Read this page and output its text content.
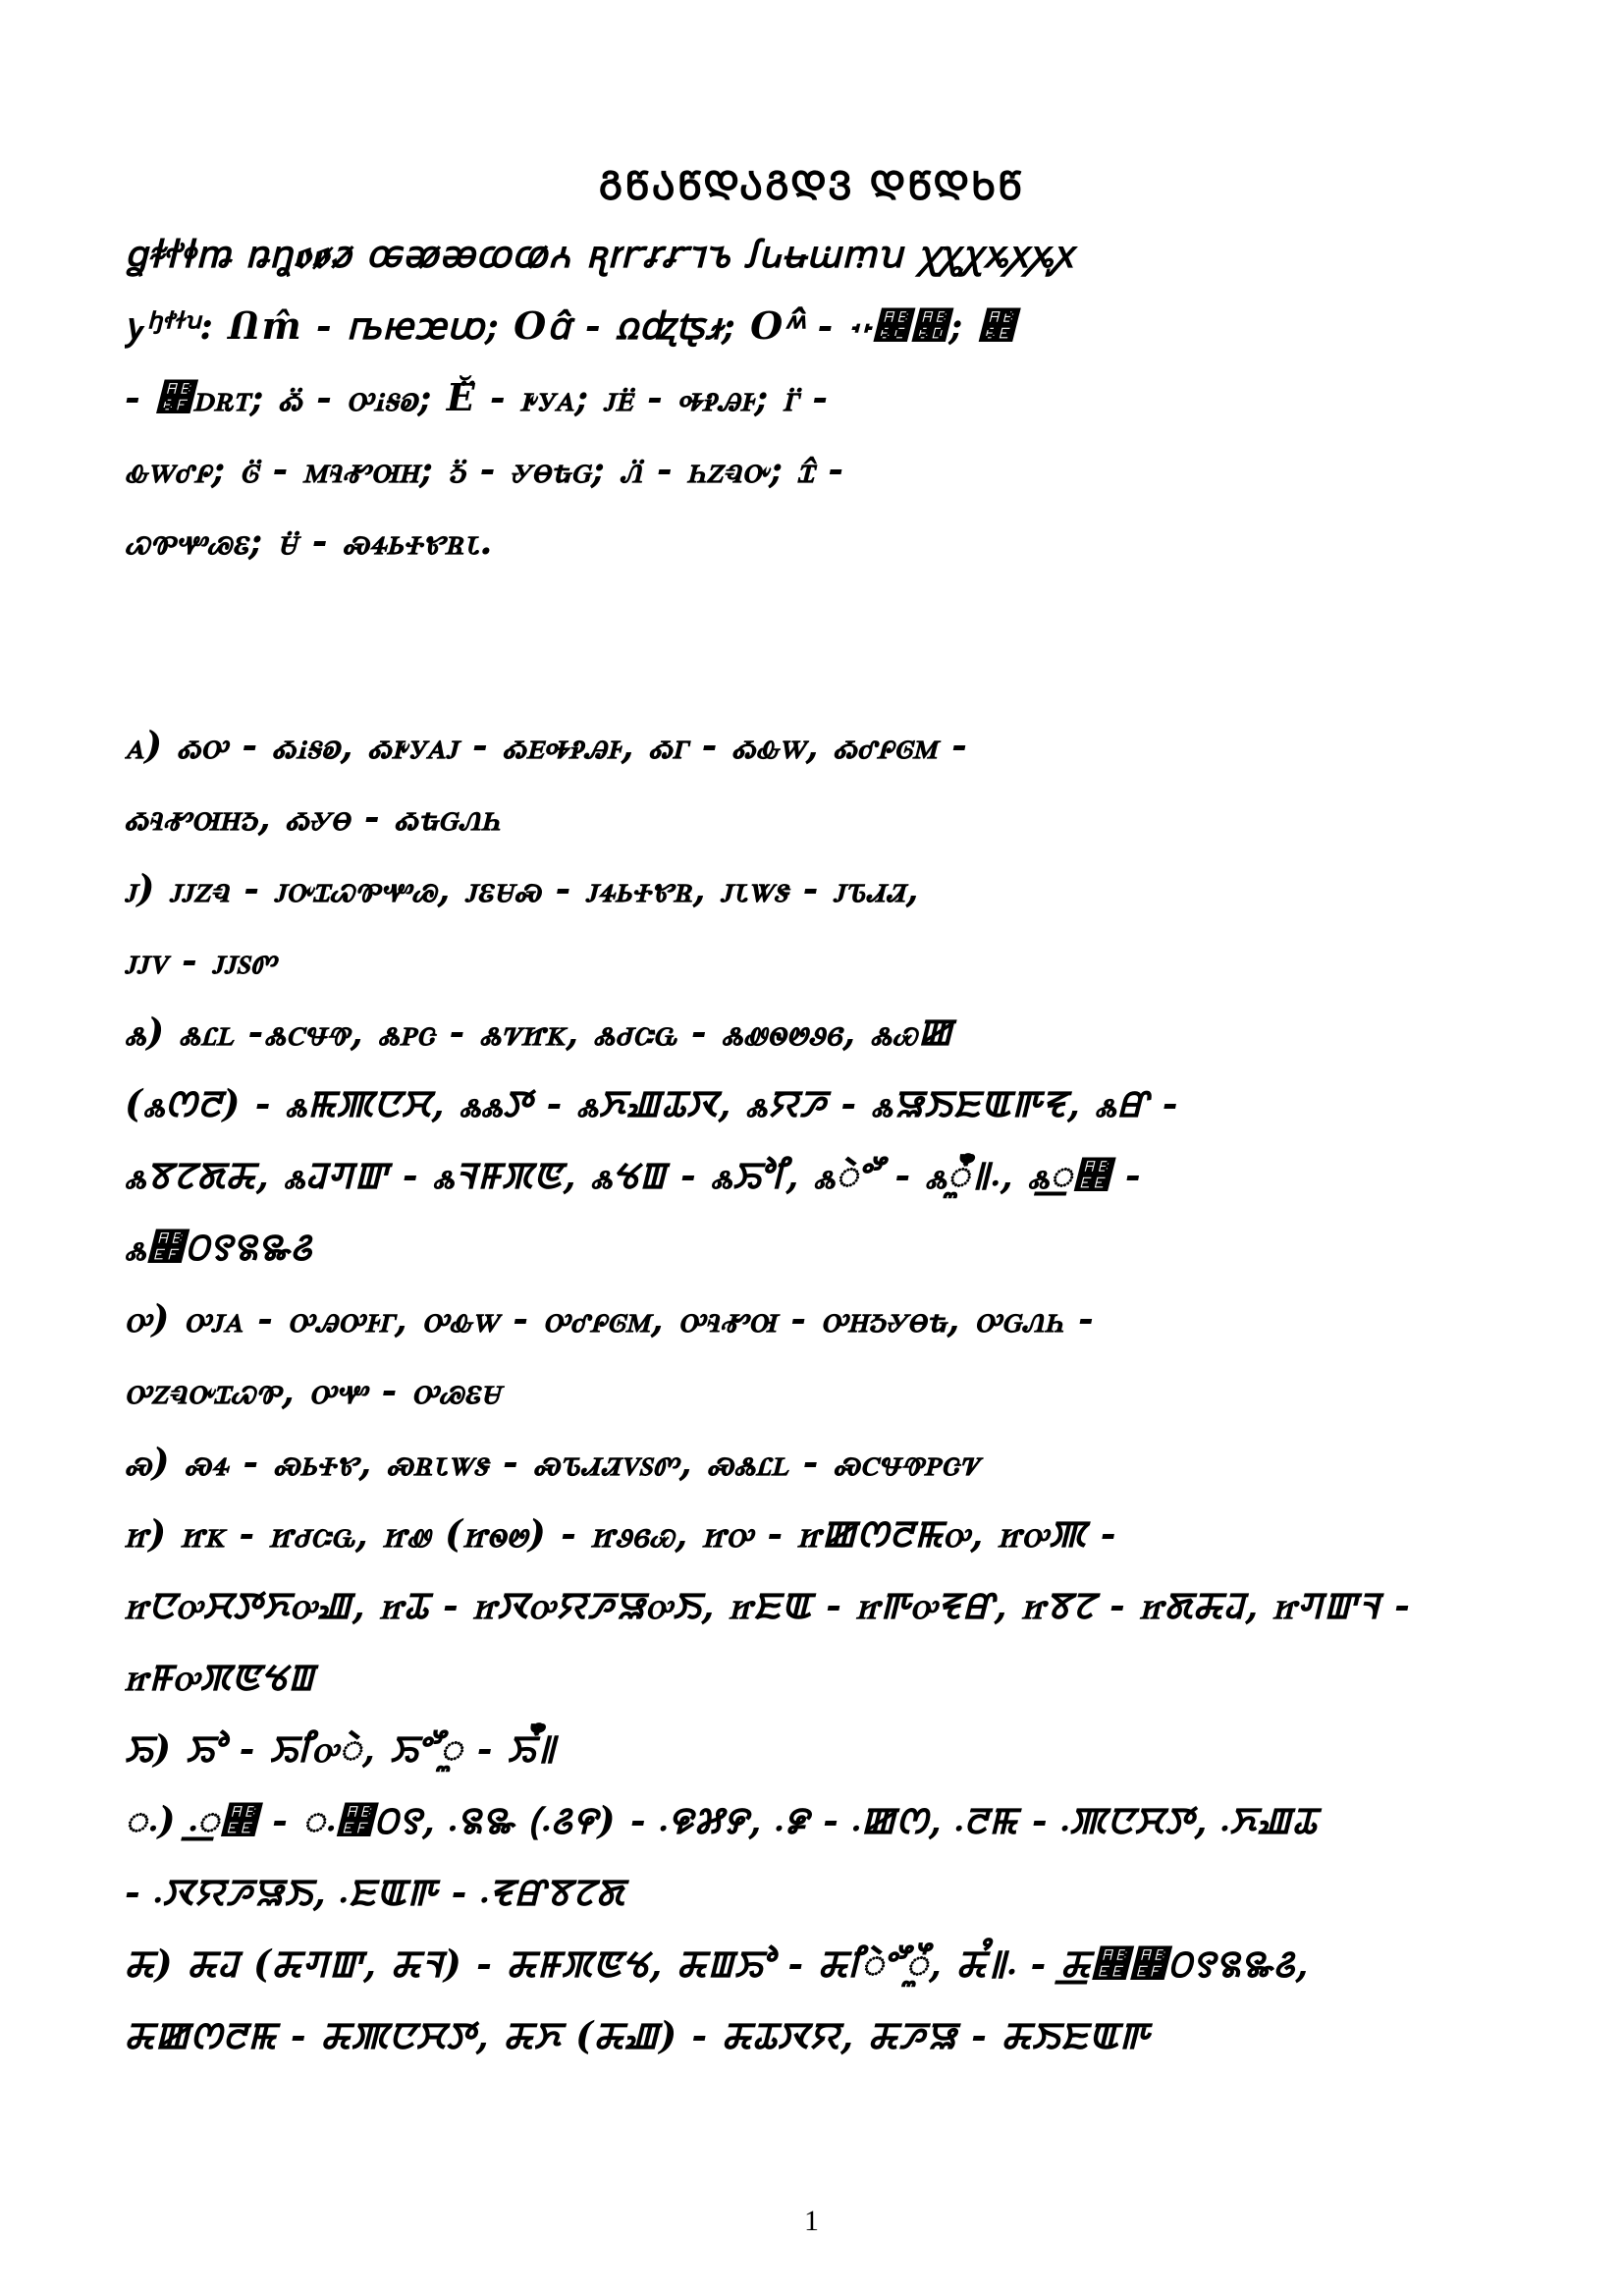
ᲒᲬᲐᲬᲓᲐᲒᲓᲕ ᲓᲬᲓᲮᲬ
ꬶꬸꬷꬹꬺ ꬻꬼꬽꬾꬿ ꭀꭁꭂꭃꭄꭅ ꭆꭇꭈꭉꭊꭋꭌ ꭍꭎꭏꭐꭑꭒ ꭓꭔꭕꭖꭗꭘꭙ
ꭚꭜꭝꭞꭟ: Ոm̂ ‑ ꭠꭡꭢꭣ; Oꭤ̂ ‑ ꭥꭦꭧꭨ; Oꭩ̂ ‑ ꭪꭫꭬꭭; ꭮̈
‑ ꭯ꭰꭱꭲ; ꭳ̈ ‑ ꭴꭵꭶꭷ; Ӗ̈ ‑ ꭸꭹꭺ; ꭻꭼ̈ ‑ ꭽꭾꭿꮀ; ꮁ̈ ‑
ꮂꮃꮄꮅ; ꮆ̈ ‑ ꮇꮈꮉꮊꮋ; ꮌ̈ ‑ ꮍꮎꮏꮐ; ꮑ̈ ‑ ꮒꮓꮔꮕ; ꮖ̂ ‑
ꮗꮘꮙꮚꮛ; ꮜ̈ ‑ ꮝꮞꮟꮠꮡꮢꮣ.
ꭺ) ꭳꭴ ‑ ꭳꭵꭶꭷ, ꭳꭸꭹꭺꭻ ‑ ꭳꭼꭽꭾꭿꮀ, ꭳꮁ ‑ ꭳꮂꮃ, ꭳꮄꮅꮆꮇ ‑
ꭳꮈꮉꮊꮋꮌ, ꭳꮍꮎ ‑ ꭳꮏꮐꮑꮒ
ꭻ) ꭻꭻꮓꮔ ‑ ꭻꮕꮖꮗꮘꮙꮚ, ꭻꮛꮜꮝ ‑ ꭻꮞꮟꮠꮡꮢ, ꭻꮣꮤꮥ ‑ ꭻꮦꮧꮨ,
ꭻꭻꮩ ‑ ꭻꭻꮪꮫ
ꮬ) ꮬꮭꮮ ‑ꮬꮯꮰꮱ, ꮬꮲꮳ ‑ ꮬꮴꮵꮶ, ꮬꮷꮸꮹ ‑ ꮬꮺꮻꮼꮽꮾ, ꮬꮿꯀ
(ꮬꯁꯂ) ‑ ꮬꯃꯄꯅꯆ, ꮬꮬꯇ ‑ ꮬꯈꯉꯊꯋ, ꮬꯌꯍ ‑ ꮬꯎꯏꯐꯑꯒꯓ, ꮬꯔ ‑
ꮬꯕꯖꯗꯘ, ꮬꯙꯚꯛ ‑ ꮬꯜꯝꯞꯟ, ꮬꯠꯡ ‑ ꮬꯢꯣꯤ, ꮬꯥꯦꯧ ‑ ꮬꯨꯩꯪ꯫꯬, ꮬ꯭꯮ ‑
ꮬ꯯꯰꯱꯲꯳꯴
ꭴ) ꭴꭻꭺ ‑ ꭴꭿꭴꮀꮁ, ꭴꮂꮃ ‑ ꭴꮄꮅꮆꮇ, ꭴꮈꮉꮊ ‑ ꭴꮋꮌꮍꮎꮏ, ꭴꮐꮑꮒ ‑
ꭴꮓꮔꮕꮖꮗꮘ, ꭴꮙ ‑ ꭴꮚꮛꮜ
ꮝ) ꮝꮞ ‑ ꮝꮟꮠꮡ, ꮝꮢꮣꮤꮥ ‑ ꮝꮦꮧꮨꮩꮪꮫ, ꮝꮬꮭꮮ ‑ ꮝꮯꮰꮱꮲꮳꮴ
ꮵ) ꮵꮶ ‑ ꮵꮷꮸꮹ, ꮵꮺ (ꮵꮻꮼ) ‑ ꮵꮽꮾꮿ, ꮵꭴ ‑ ꮵꯀꯁꯂꯃꭴ, ꮵꭴꯄ ‑
ꮵꯅꭴꯆꯇꯈꭴꯉ, ꮵꯊ ‑ ꮵꯋꭴꯌꯍꯎꭴꯏ, ꮵꯐꯑ ‑ ꮵꯒꭴꯓꯔ, ꮵꯕꯖ ‑ ꮵꯗꯘꯙ, ꮵꯚꯛꯜ ‑
ꮵꯝꭴꯞꯟꯠꯡ
ꯢ) ꯢꯣ ‑ ꯢꯤꭴꯥ, ꯢꯦꯧꯨ ‑ ꯢꯩꯪ꯫
꯬) ꯬꯭꯮ ‑ ꯬꯯꯰꯱, ꯬꯲꯳ (꯬꯴꯵) ‑ ꯬꯶꯷꯸, ꯬꯹ ‑ ꯬ꯀꯁ, ꯬ꯂꯃ ‑ ꯬ꯄꯅꯆꯇ, ꯬ꯈꯉꯊ
‑ ꯬ꯋꯌꯍꯎꯏ, ꯬ꯐꯑꯒ ‑ ꯬ꯓꯔꯕꯖꯗ
ꯘ) ꯘꯙ (ꯘꯚꯛ, ꯘꯜ) ‑ ꯘꯝꯞꯟꯠ, ꯘꯡꯢꯣ ‑ ꯘꯤꯥꯦꯧꯨꯩ, ꯘꯪ꯫꯬ ‑ ꯘ꯭꯮꯯꯰꯱꯲꯳꯴,
ꯘꯀꯁꯂꯃ ‑ ꯘꯄꯅꯆꯇ, ꯘꯈ (ꯘꯉ) ‑ ꯘꯊꯋꯌ, ꯘꯍꯎ ‑ ꯘꯏꯐꯑꯒ
1
